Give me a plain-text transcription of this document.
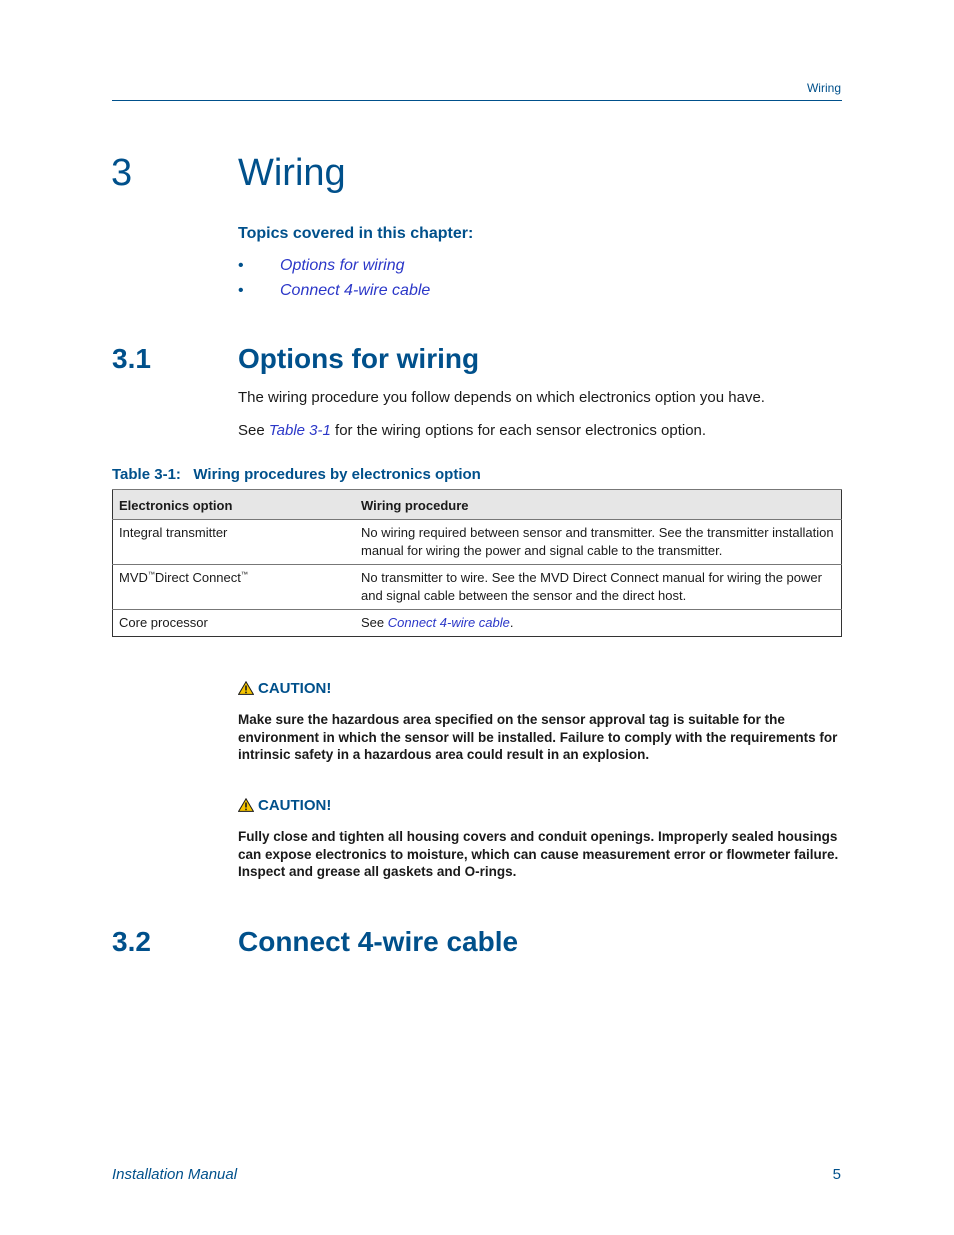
Wiring
3	Wiring
Topics covered in this chapter:
• Options for wiring
• Connect 4-wire cable
3.1	Options for wiring
The wiring procedure you follow depends on which electronics option you have.
See Table 3-1 for the wiring options for each sensor electronics option.
Table 3-1:   Wiring procedures by electronics option
Electronics option	Wiring procedure
Integral transmitter	No wiring required between sensor and transmitter. See the transmitter installation manual for wiring the power and signal cable to the transmitter.
MVD™Direct Connect™	No transmitter to wire. See the MVD Direct Connect manual for wiring the power and signal cable between the sensor and the direct host.
Core processor	See Connect 4-wire cable.
CAUTION!
Make sure the hazardous area specified on the sensor approval tag is suitable for the environment in which the sensor will be installed. Failure to comply with the requirements for intrinsic safety in a hazardous area could result in an explosion.
CAUTION!
Fully close and tighten all housing covers and conduit openings. Improperly sealed housings can expose electronics to moisture, which can cause measurement error or flowmeter failure. Inspect and grease all gaskets and O-rings.
3.2	Connect 4-wire cable
Installation Manual	5
